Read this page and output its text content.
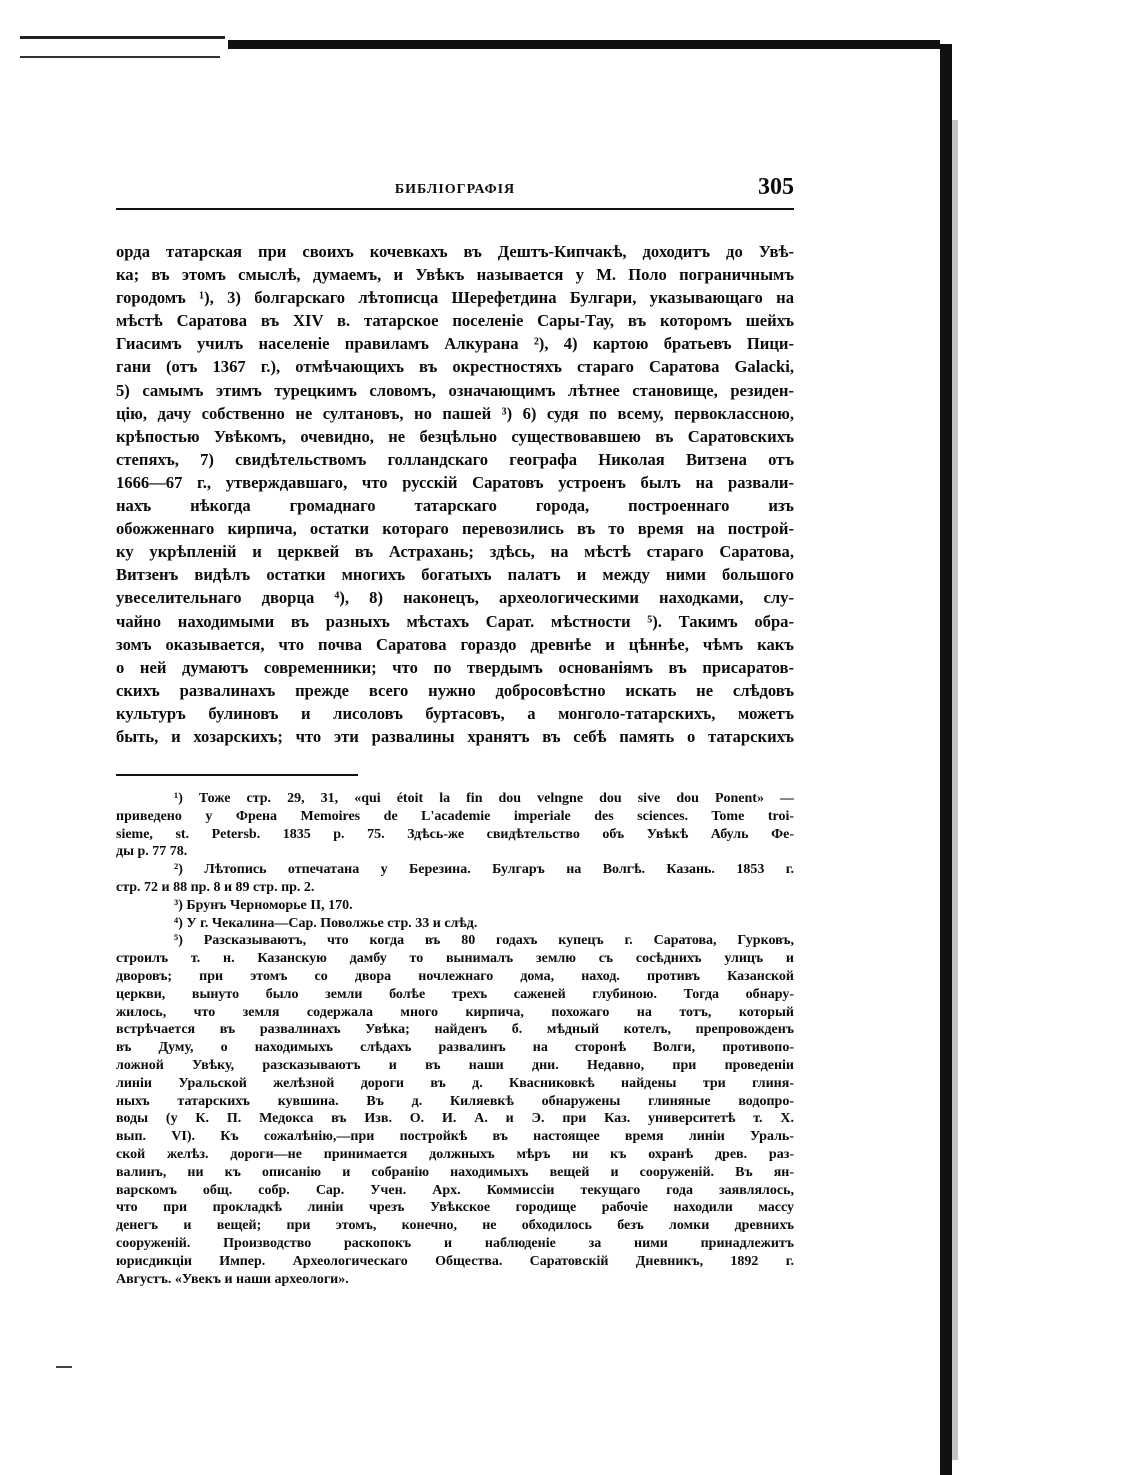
БИБЛІОГРАФІЯ	305
орда татарская при своихъ кочевкахъ въ Дештъ-Кипчакѣ, доходитъ до Увѣ-
ка; въ этомъ смыслѣ, думаемъ, и Увѣкъ называется у М. Поло пограничнымъ
городомъ ¹), 3) болгарскаго лѣтописца Шерефетдина Булгари, указывающаго на
мѣстѣ Саратова въ XIV в. татарское поселеніе Сары-Тау, въ которомъ шейхъ
Гиасимъ училъ населеніе правиламъ Алкурана ²), 4) картою братьевъ Пици-
гани (отъ 1367 г.), отмѣчающихъ въ окрестностяхъ стараго Саратова Galacki,
5) самымъ этимъ турецкимъ словомъ, означающимъ лѣтнее становище, резиден-
цію, дачу собственно не султановъ, но пашей ³) 6) судя по всему, первоклассною,
крѣпостью Увѣкомъ, очевидно, не безцѣльно существовавшею въ Саратовскихъ
степяхъ, 7) свидѣтельствомъ голландскаго географа Николая Витзена отъ
1666—67 г., утверждавшаго, что русскій Саратовъ устроенъ былъ на развали-
нахъ нѣкогда громаднаго татарскаго города, построеннаго изъ
обожженнаго кирпича, остатки котораго перевозились въ то время на построй-
ку укрѣпленій и церквей въ Астрахань; здѣсь, на мѣстѣ стараго Саратова,
Витзенъ видѣлъ остатки многихъ богатыхъ палатъ и между ними большого
увеселительнаго дворца ⁴), 8) наконецъ, археологическими находками, слу-
чайно находимыми въ разныхъ мѣстахъ Сарат. мѣстности ⁵). Такимъ обра-
зомъ оказывается, что почва Саратова гораздо древнѣе и цѣннѣе, чѣмъ какъ
о ней думаютъ современники; что по твердымъ основаніямъ въ присаратов-
скихъ развалинахъ прежде всего нужно добросовѣстно искать не слѣдовъ
культуръ булиновъ и лисоловъ буртасовъ, а монголо-татарскихъ, можетъ
быть, и хозарскихъ; что эти развалины хранятъ въ себѣ память о татарскихъ
¹) Тоже стр. 29, 31, «qui étoit la fin dou velngne dou sive dou Ponent» —
приведено у Френа Memoires de L'academie imperiale des sciences. Tome troi-
sieme, st. Petersb. 1835 p. 75. Здѣсь-же свидѣтельство объ Увѣкѣ Абуль Фе-
ды p. 77 78.
²) Лѣтопись отпечатана у Березина. Булгаръ на Волгѣ. Казань. 1853 г.
стр. 72 и 88 пр. 8 и 89 стр. пр. 2.
³) Брунъ Черноморье II, 170.
⁴) У г. Чекалина—Сар. Поволжье стр. 33 и слѣд.
⁵) Разсказываютъ, что когда въ 80 годахъ купецъ г. Саратова, Гурковъ,
строилъ т. н. Казанскую дамбу то вынималъ землю съ сосѣднихъ улицъ и
дворовъ; при этомъ со двора ночлежнаго дома, наход. противъ Казанской
церкви, вынуто было земли болѣе трехъ саженей глубиною. Тогда обнару-
жилось, что земля содержала много кирпича, похожаго на тотъ, который
встрѣчается въ развалинахъ Увѣка; найденъ б. мѣдный котелъ, препровожденъ
въ Думу, о находимыхъ слѣдахъ развалинъ на сторонѣ Волги, противопо-
ложной Увѣку, разсказываютъ и въ наши дни. Недавно, при проведеніи
линіи Уральской желѣзной дороги въ д. Квасниковкѣ найдены три глиня-
ныхъ татарскихъ кувшина. Въ д. Киляевкѣ обнаружены глиняные водопро-
воды (у К. П. Медокса въ Изв. О. И. А. и Э. при Каз. университетѣ т. X.
вып. VI). Къ сожалѣнію,—при постройкѣ въ настоящее время линіи Ураль-
ской желѣз. дороги—не принимается должныхъ мѣръ ни къ охранѣ древ. раз-
валинъ, ни къ описанію и собранію находимыхъ вещей и сооруженій. Въ ян-
варскомъ общ. собр. Сар. Учен. Арх. Коммиссіи текущаго года заявлялось,
что при прокладкѣ линіи чрезъ Увѣкское городище рабочіе находили массу
денегъ и вещей; при этомъ, конечно, не обходилось безъ ломки древнихъ
сооруженій. Производство раскопокъ и наблюденіе за ними принадлежитъ
юрисдикціи Импер. Археологическаго Общества. Саратовскій Дневникъ, 1892 г.
Августъ. «Увекъ и наши археологи».
